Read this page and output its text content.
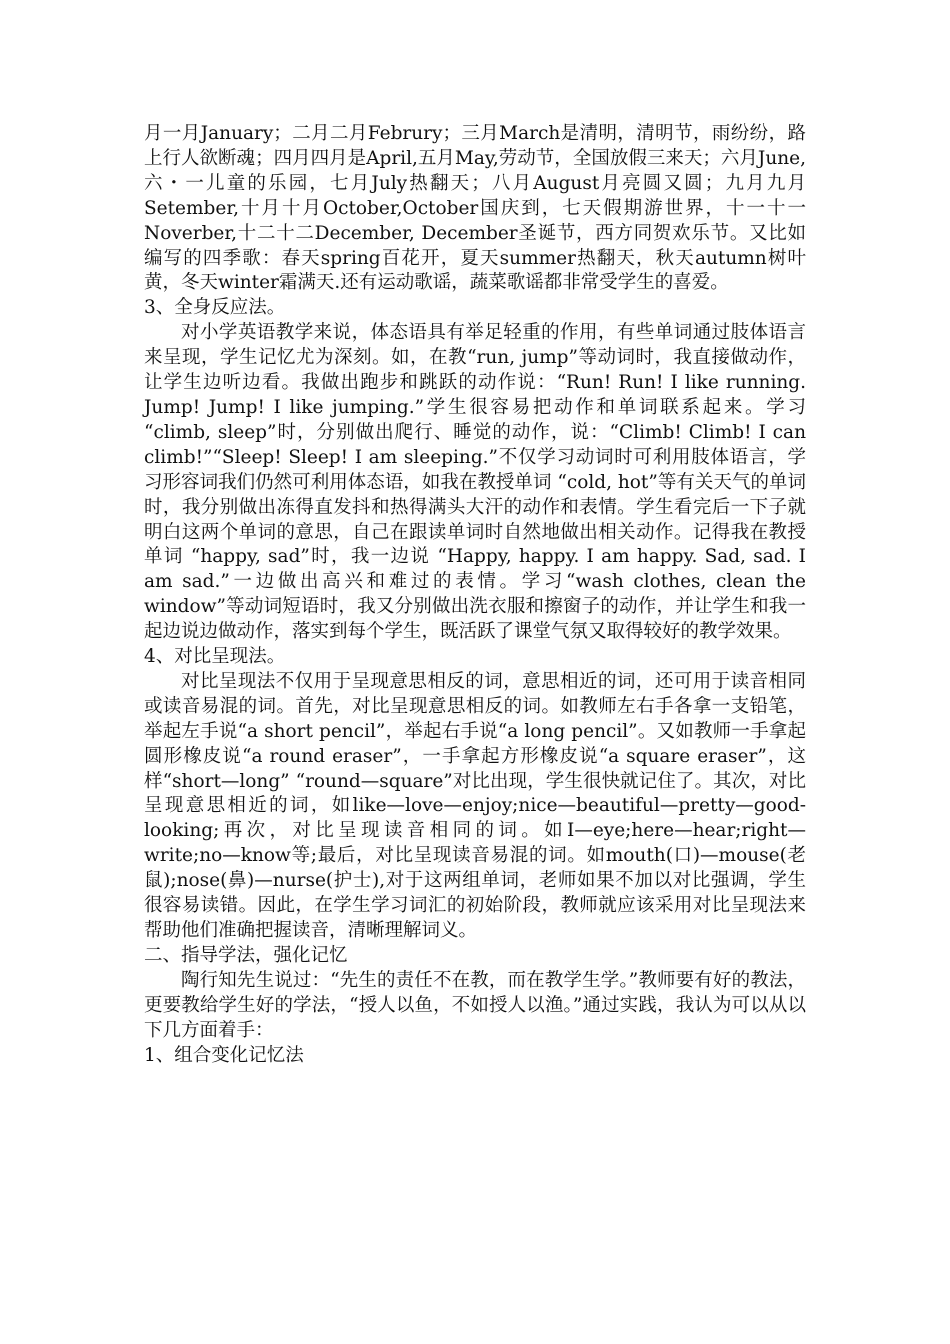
月一月January；二月二月Februry；三月March是清明，清明节，雨纷纷，路上行人欲断魂；四月四月是April,五月May,劳动节，全国放假三来天；六月June,六・一儿童的乐园，七月July热翻天；八月August月亮圆又圆；九月九月Setember,十月十月October,October国庆到，七天假期游世界，十一十一Noverber,十二十二December, December圣诞节，西方同贺欢乐节。又比如编写的四季歌：春天spring百花开，夏天summer热翻天，秋天autumn树叶黄，冬天winter霜满天.还有运动歌谣，蔬菜歌谣都非常受学生的喜爱。

3、全身反应法。

对小学英语教学来说，体态语具有举足轻重的作用，有些单词通过肢体语言来呈现，学生记忆尤为深刻。如，在教“run, jump”等动词时，我直接做动作，让学生边听边看。我做出跑步和跳跃的动作说：“Run! Run! I like running. Jump! Jump! I like jumping.”学生很容易把动作和单词联系起来。学习 “climb, sleep”时，分别做出爬行、睡觉的动作，说：“Climb! Climb! I can climb!”“Sleep! Sleep! I am sleeping.”不仅学习动词时可利用肢体语言，学习形容词我们仍然可利用体态语，如我在教授单词 “cold, hot”等有关天气的单词时，我分别做出冻得直发抖和热得满头大汗的动作和表情。学生看完后一下子就明白这两个单词的意思，自己在跟读单词时自然地做出相关动作。记得我在教授单词 “happy, sad”时，我一边说 “Happy, happy. I am happy. Sad, sad. I am sad.”一边做出高兴和难过的表情。学习“wash clothes, clean the window”等动词短语时，我又分别做出洗衣服和擦窗子的动作，并让学生和我一起边说边做动作，落实到每个学生，既活跃了课堂气氛又取得较好的教学效果。

4、对比呈现法。

对比呈现法不仅用于呈现意思相反的词，意思相近的词，还可用于读音相同或读音易混的词。首先，对比呈现意思相反的词。如教师左右手各拿一支铅笔，举起左手说“a short pencil”，举起右手说“a long pencil”。又如教师一手拿起圆形橡皮说“a round eraser”，一手拿起方形橡皮说“a square eraser”，这样“short—long” “round—square”对比出现，学生很快就记住了。其次，对比呈现意思相近的词，如like—love—enjoy;nice—beautiful—pretty—good-looking;再次，对比呈现读音相同的词。如I—eye;here—hear;right—write;no—know等;最后，对比呈现读音易混的词。如mouth(口)—mouse(老鼠);nose(鼻)—nurse(护士),对于这两组单词，老师如果不加以对比强调，学生很容易读错。因此，在学生学习词汇的初始阶段，教师就应该采用对比呈现法来帮助他们准确把握读音，清晰理解词义。

二、指导学法，强化记忆

陶行知先生说过：“先生的责任不在教，而在教学生学。”教师要有好的教法，更要教给学生好的学法，“授人以鱼，不如授人以渔。”通过实践，我认为可以从以下几方面着手：

1、组合变化记忆法
